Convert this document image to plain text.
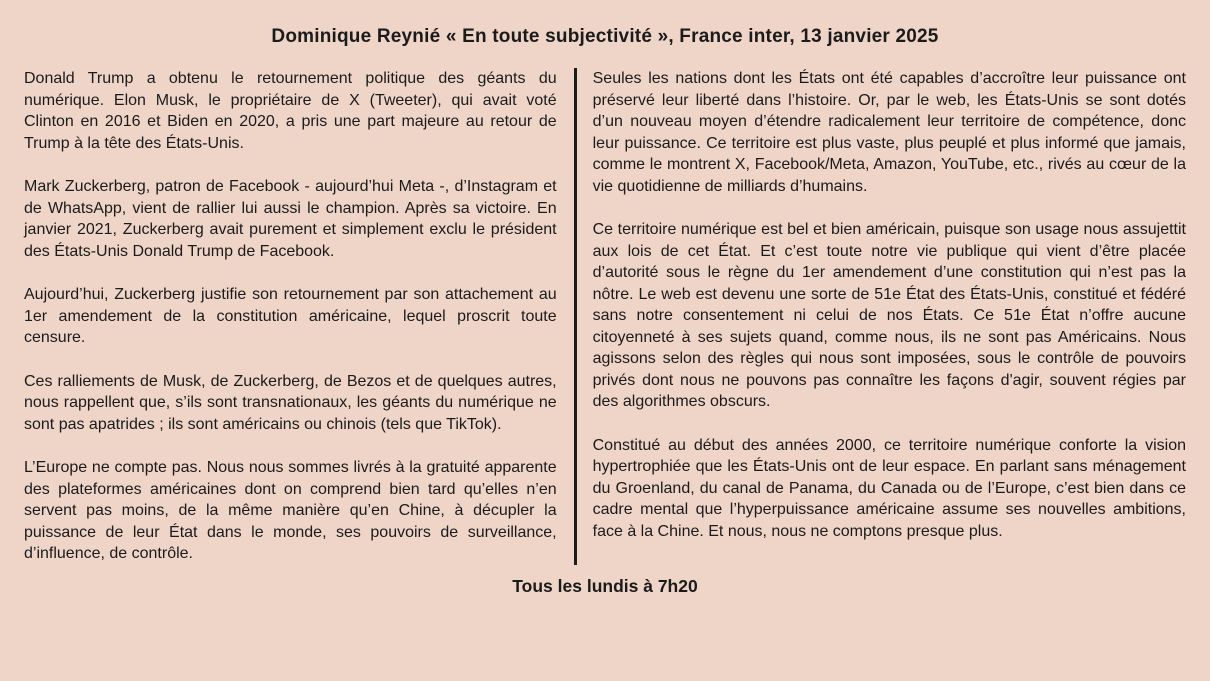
Dominique Reynié « En toute subjectivité », France inter, 13 janvier 2025

Donald Trump a obtenu le retournement politique des géants du numérique. Elon Musk, le propriétaire de X (Tweeter), qui avait voté Clinton en 2016 et Biden en 2020, a pris une part majeure au retour de Trump à la tête des États-Unis.

Mark Zuckerberg, patron de Facebook - aujourd’hui Meta -, d’Instagram et de WhatsApp, vient de rallier lui aussi le champion. Après sa victoire. En janvier 2021, Zuckerberg avait purement et simplement exclu le président des États-Unis Donald Trump de Facebook.

Aujourd’hui, Zuckerberg justifie son retournement par son attachement au 1er amendement de la constitution américaine, lequel proscrit toute censure.

Ces ralliements de Musk, de Zuckerberg, de Bezos et de quelques autres, nous rappellent que, s’ils sont transnationaux, les géants du numérique ne sont pas apatrides ; ils sont américains ou chinois (tels que TikTok).

L’Europe ne compte pas. Nous nous sommes livrés à la gratuité apparente des plateformes américaines dont on comprend bien tard qu’elles n’en servent pas moins, de la même manière qu’en Chine, à décupler la puissance de leur État dans le monde, ses pouvoirs de surveillance, d’influence, de contrôle.

Seules les nations dont les États ont été capables d’accroître leur puissance ont préservé leur liberté dans l’histoire. Or, par le web, les États-Unis se sont dotés d’un nouveau moyen d’étendre radicalement leur territoire de compétence, donc leur puissance. Ce territoire est plus vaste, plus peuplé et plus informé que jamais, comme le montrent X, Facebook/Meta, Amazon, YouTube, etc., rivés au cœur de la vie quotidienne de milliards d’humains.

Ce territoire numérique est bel et bien américain, puisque son usage nous assujettit aux lois de cet État. Et c’est toute notre vie publique qui vient d’être placée d’autorité sous le règne du 1er amendement d’une constitution qui n’est pas la nôtre. Le web est devenu une sorte de 51e État des États-Unis, constitué et fédéré sans notre consentement ni celui de nos États. Ce 51e État n’offre aucune citoyenneté à ses sujets quand, comme nous, ils ne sont pas Américains. Nous agissons selon des règles qui nous sont imposées, sous le contrôle de pouvoirs privés dont nous ne pouvons pas connaître les façons d'agir, souvent régies par des algorithmes obscurs.

Constitué au début des années 2000, ce territoire numérique conforte la vision hypertrophiée que les États-Unis ont de leur espace. En parlant sans ménagement du Groenland, du canal de Panama, du Canada ou de l’Europe, c’est bien dans ce cadre mental que l’hyperpuissance américaine assume ses nouvelles ambitions, face à la Chine. Et nous, nous ne comptons presque plus.

Tous les lundis à 7h20
